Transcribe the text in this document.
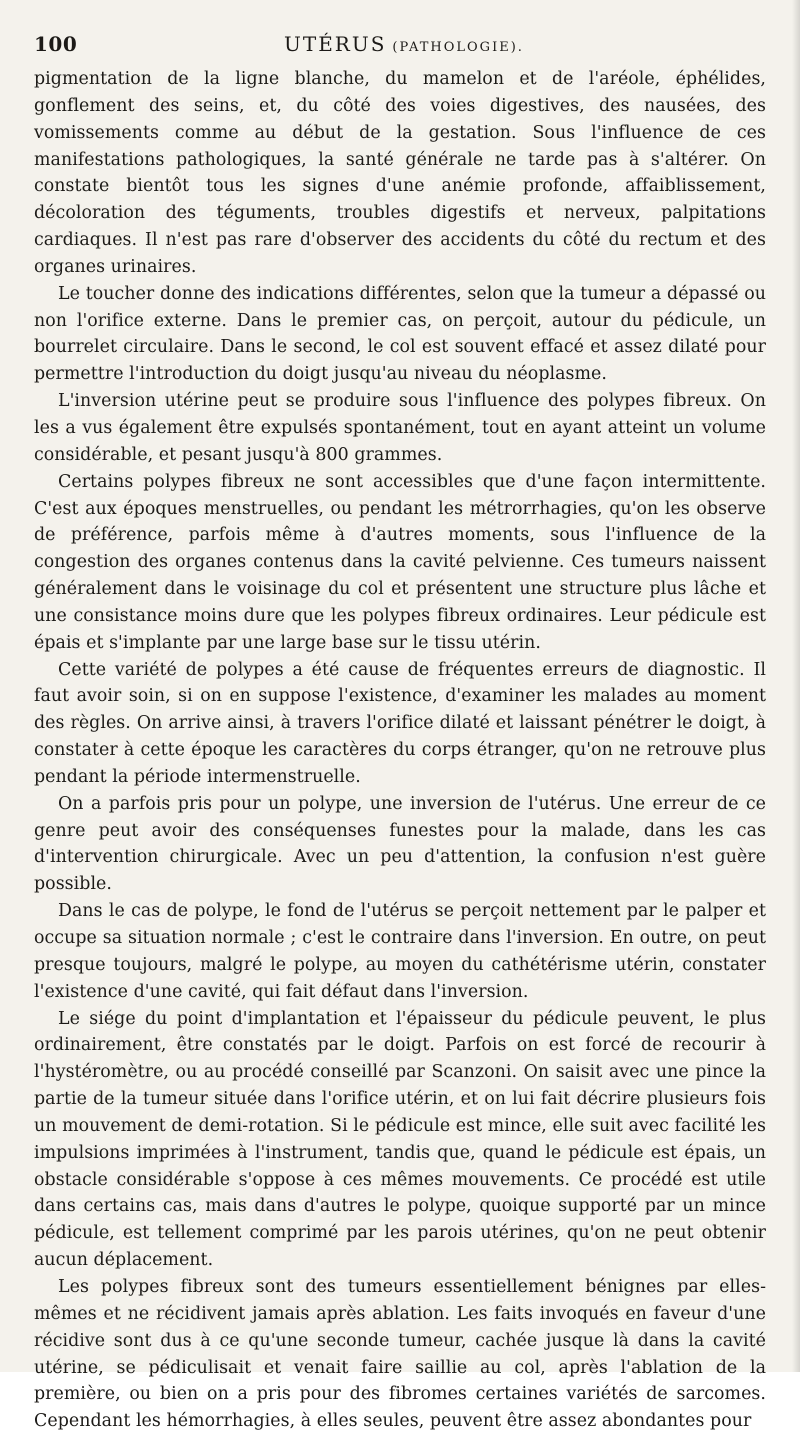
100	UTÉRUS (PATHOLOGIE).

pigmentation de la ligne blanche, du mamelon et de l'aréole, éphélides, gonflement des seins, et, du côté des voies digestives, des nausées, des vomissements comme au début de la gestation. Sous l'influence de ces manifestations pathologiques, la santé générale ne tarde pas à s'altérer. On constate bientôt tous les signes d'une anémie profonde, affaiblissement, décoloration des téguments, troubles digestifs et nerveux, palpitations cardiaques. Il n'est pas rare d'observer des accidents du côté du rectum et des organes urinaires.

Le toucher donne des indications différentes, selon que la tumeur a dépassé ou non l'orifice externe. Dans le premier cas, on perçoit, autour du pédicule, un bourrelet circulaire. Dans le second, le col est souvent effacé et assez dilaté pour permettre l'introduction du doigt jusqu'au niveau du néoplasme.

L'inversion utérine peut se produire sous l'influence des polypes fibreux. On les a vus également être expulsés spontanément, tout en ayant atteint un volume considérable, et pesant jusqu'à 800 grammes.

Certains polypes fibreux ne sont accessibles que d'une façon intermittente. C'est aux époques menstruelles, ou pendant les métrorrhagies, qu'on les observe de préférence, parfois même à d'autres moments, sous l'influence de la congestion des organes contenus dans la cavité pelvienne. Ces tumeurs naissent généralement dans le voisinage du col et présentent une structure plus lâche et une consistance moins dure que les polypes fibreux ordinaires. Leur pédicule est épais et s'implante par une large base sur le tissu utérin.

Cette variété de polypes a été cause de fréquentes erreurs de diagnostic. Il faut avoir soin, si on en suppose l'existence, d'examiner les malades au moment des règles. On arrive ainsi, à travers l'orifice dilaté et laissant pénétrer le doigt, à constater à cette époque les caractères du corps étranger, qu'on ne retrouve plus pendant la période intermenstruelle.

On a parfois pris pour un polype, une inversion de l'utérus. Une erreur de ce genre peut avoir des conséquenses funestes pour la malade, dans les cas d'intervention chirurgicale. Avec un peu d'attention, la confusion n'est guère possible.

Dans le cas de polype, le fond de l'utérus se perçoit nettement par le palper et occupe sa situation normale ; c'est le contraire dans l'inversion. En outre, on peut presque toujours, malgré le polype, au moyen du cathétérisme utérin, constater l'existence d'une cavité, qui fait défaut dans l'inversion.

Le siége du point d'implantation et l'épaisseur du pédicule peuvent, le plus ordinairement, être constatés par le doigt. Parfois on est forcé de recourir à l'hystéromètre, ou au procédé conseillé par Scanzoni. On saisit avec une pince la partie de la tumeur située dans l'orifice utérin, et on lui fait décrire plusieurs fois un mouvement de demi-rotation. Si le pédicule est mince, elle suit avec facilité les impulsions imprimées à l'instrument, tandis que, quand le pédicule est épais, un obstacle considérable s'oppose à ces mêmes mouvements. Ce procédé est utile dans certains cas, mais dans d'autres le polype, quoique supporté par un mince pédicule, est tellement comprimé par les parois utérines, qu'on ne peut obtenir aucun déplacement.

Les polypes fibreux sont des tumeurs essentiellement bénignes par elles-mêmes et ne récidivent jamais après ablation. Les faits invoqués en faveur d'une récidive sont dus à ce qu'une seconde tumeur, cachée jusque là dans la cavité utérine, se pédiculisait et venait faire saillie au col, après l'ablation de la première, ou bien on a pris pour des fibromes certaines variétés de sarcomes. Cependant les hémorrhagies, à elles seules, peuvent être assez abondantes pour
